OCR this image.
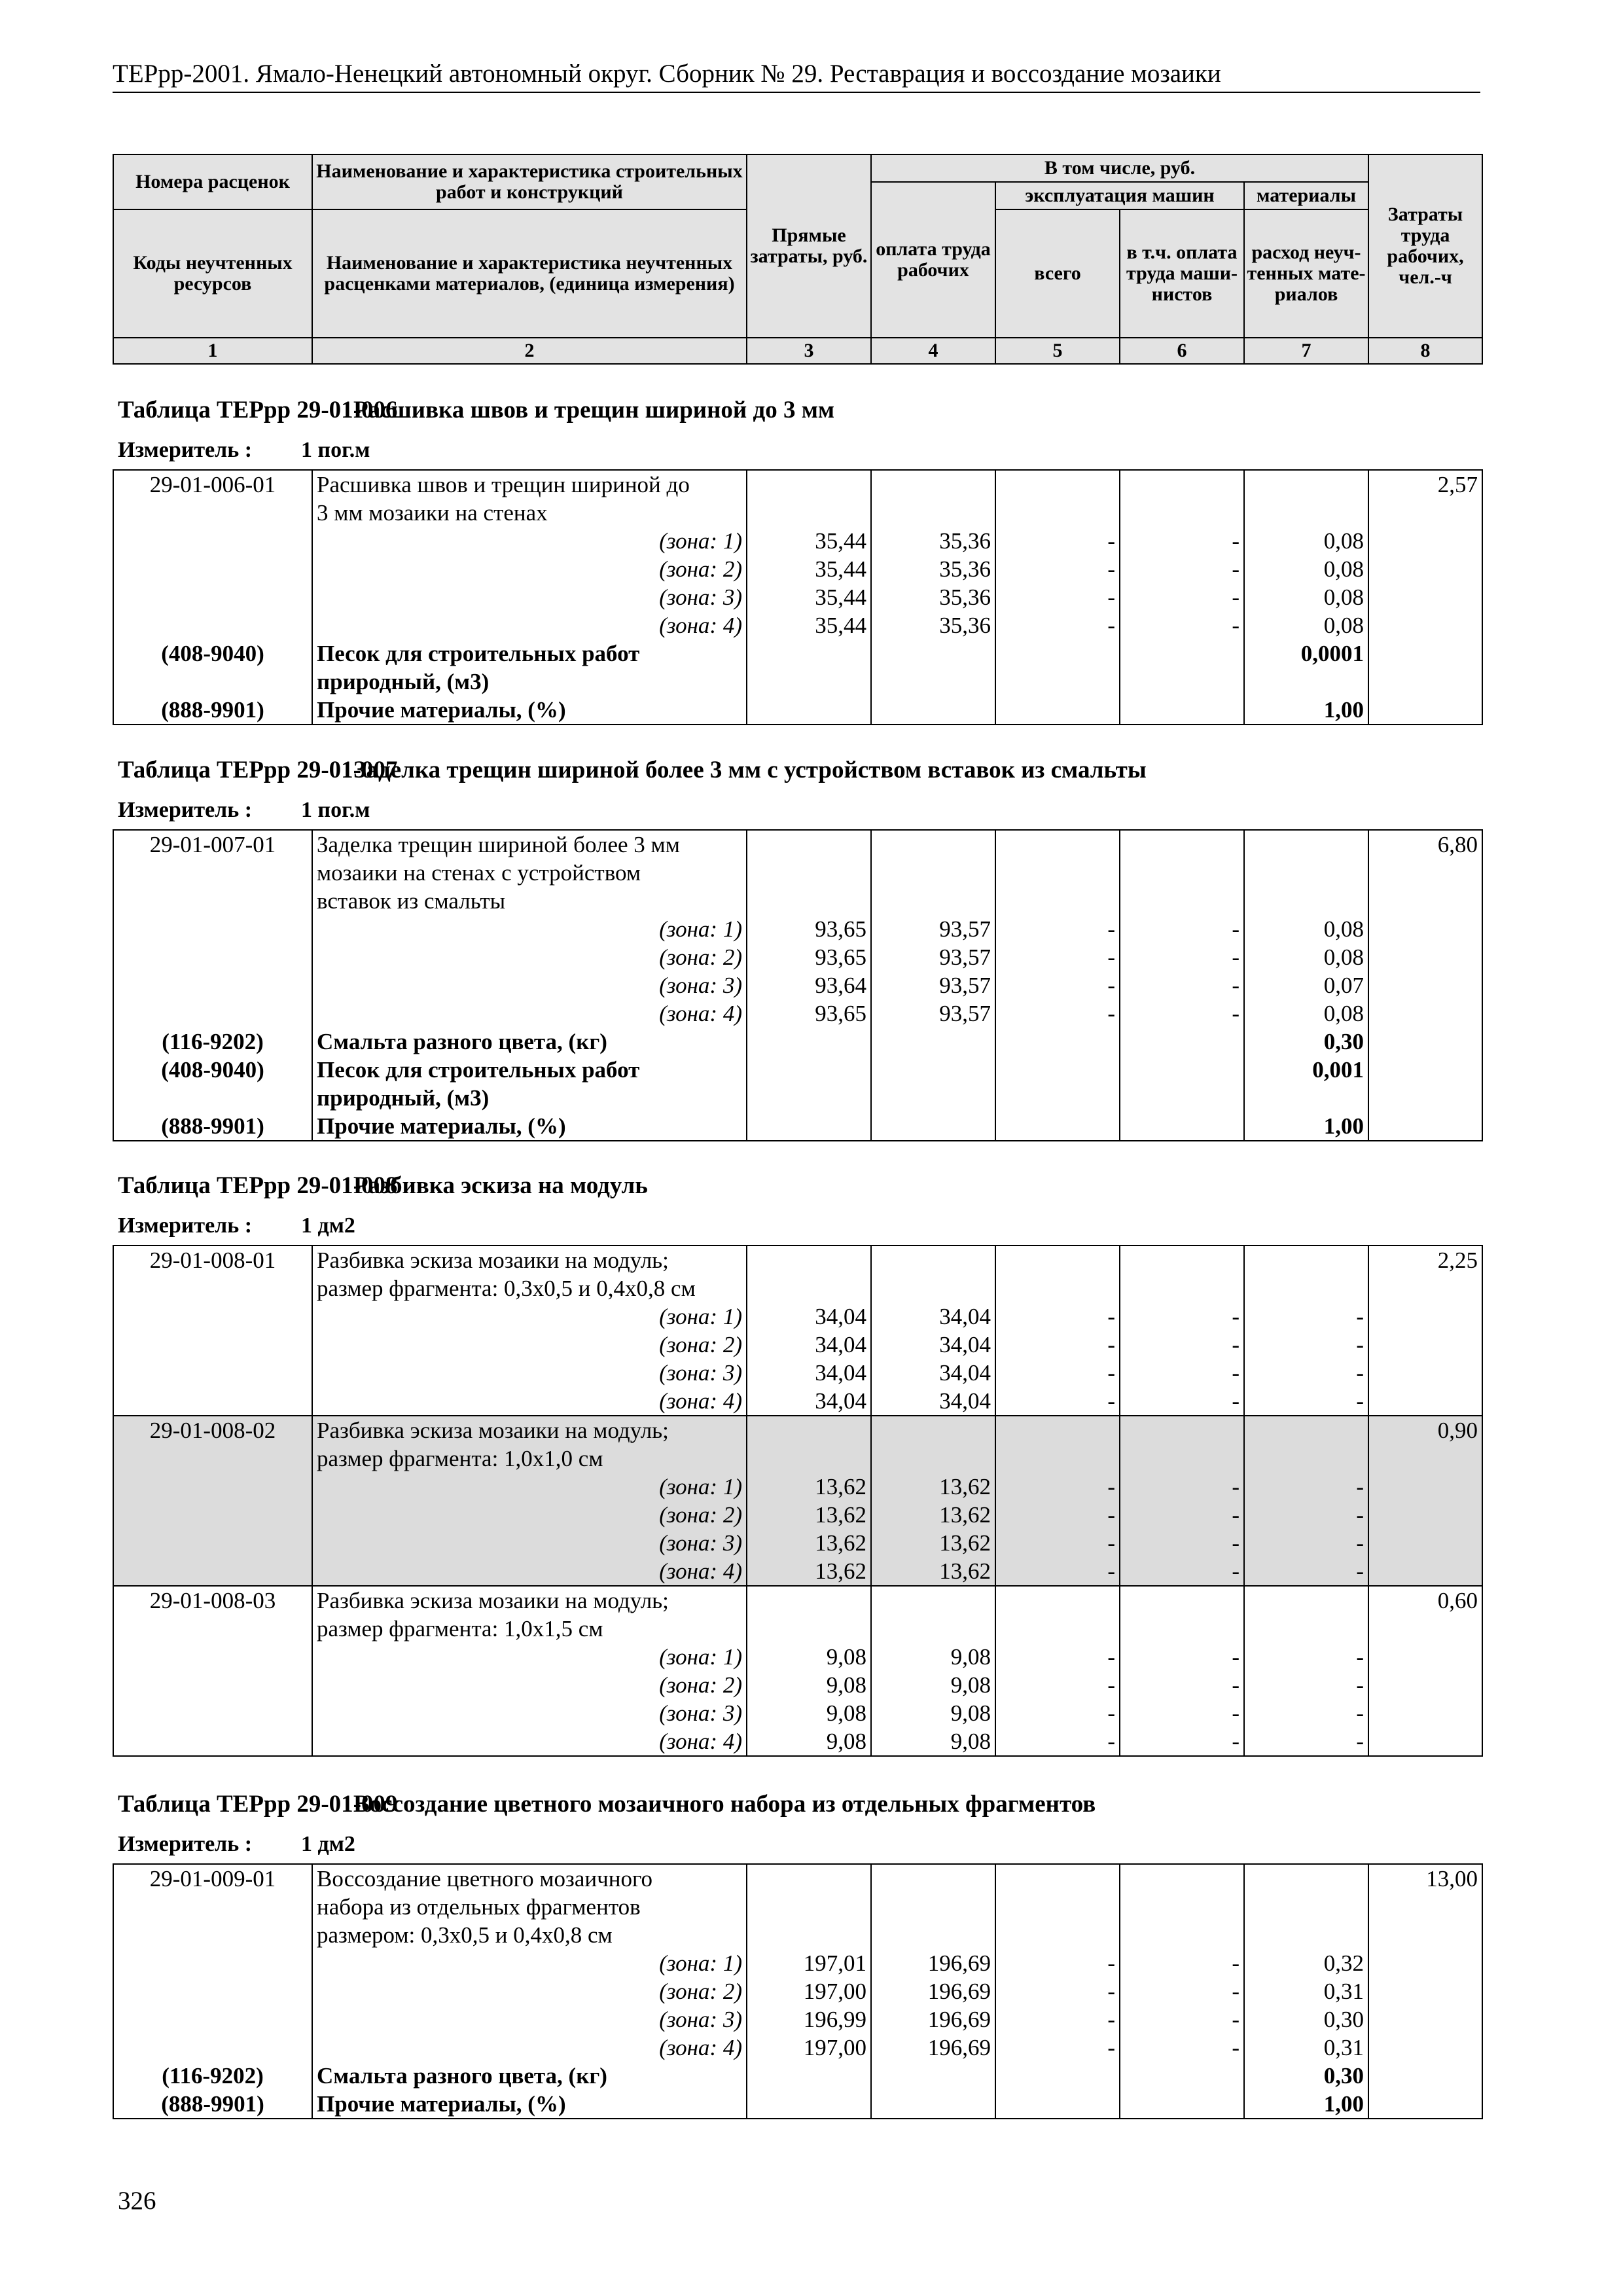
ТЕРрр-2001. Ямало-Ненецкий автономный округ. Сборник № 29. Реставрация и воссоздание мозаики
Номера расценок	Наименование и характеристика строительных работ и конструкций	Прямые затраты, руб.	В том числе, руб.				Затраты труда рабочих, чел.-ч
			оплата труда рабочих	эксплуатация машин		материалы	
Коды неучтенных ресурсов	Наименование и характеристика неучтенных расценками материалов, (единица измерения)			всего	в т.ч. оплата труда маши- нистов	расход неуч- тенных мате- риалов	
1	2	3	4	5	6	7	8
Таблица ТЕРрр 29-01-006Расшивка швов и трещин шириной до 3 мм
Измеритель : 1 пог.м
29-01-006-01	Расшивка швов и трещин шириной до						2,57
	3 мм мозаики на стенах						
	(зона: 1)	35,44	35,36	-	-	0,08	
	(зона: 2)	35,44	35,36	-	-	0,08	
	(зона: 3)	35,44	35,36	-	-	0,08	
	(зона: 4)	35,44	35,36	-	-	0,08	
(408-9040)	Песок для строительных работ					0,0001	
	природный, (м3)						
(888-9901)	Прочие материалы, (%)					1,00	
Таблица ТЕРрр 29-01-007Заделка трещин шириной более 3 мм с устройством вставок из смальты
Измеритель : 1 пог.м
29-01-007-01	Заделка трещин шириной более 3 мм						6,80
	мозаики на стенах с устройством						
	вставок из смальты						
	(зона: 1)	93,65	93,57	-	-	0,08	
	(зона: 2)	93,65	93,57	-	-	0,08	
	(зона: 3)	93,64	93,57	-	-	0,07	
	(зона: 4)	93,65	93,57	-	-	0,08	
(116-9202)	Смальта разного цвета, (кг)					0,30	
(408-9040)	Песок для строительных работ					0,001	
	природный, (м3)						
(888-9901)	Прочие материалы, (%)					1,00	
Таблица ТЕРрр 29-01-008Разбивка эскиза на модуль
Измеритель : 1 дм2
29-01-008-01	Разбивка эскиза мозаики на модуль;						2,25
	размер фрагмента: 0,3х0,5 и 0,4х0,8 см						
	(зона: 1)	34,04	34,04	-	-	-	
	(зона: 2)	34,04	34,04	-	-	-	
	(зона: 3)	34,04	34,04	-	-	-	
	(зона: 4)	34,04	34,04	-	-	-	
29-01-008-02	Разбивка эскиза мозаики на модуль;						0,90
	размер фрагмента: 1,0х1,0 см						
	(зона: 1)	13,62	13,62	-	-	-	
	(зона: 2)	13,62	13,62	-	-	-	
	(зона: 3)	13,62	13,62	-	-	-	
	(зона: 4)	13,62	13,62	-	-	-	
29-01-008-03	Разбивка эскиза мозаики на модуль;						0,60
	размер фрагмента: 1,0х1,5 см						
	(зона: 1)	9,08	9,08	-	-	-	
	(зона: 2)	9,08	9,08	-	-	-	
	(зона: 3)	9,08	9,08	-	-	-	
	(зона: 4)	9,08	9,08	-	-	-	
Таблица ТЕРрр 29-01-009Воссоздание цветного мозаичного набора из отдельных фрагментов
Измеритель : 1 дм2
29-01-009-01	Воссоздание цветного мозаичного						13,00
	набора из отдельных фрагментов						
	размером: 0,3х0,5 и 0,4х0,8 см						
	(зона: 1)	197,01	196,69	-	-	0,32	
	(зона: 2)	197,00	196,69	-	-	0,31	
	(зона: 3)	196,99	196,69	-	-	0,30	
	(зона: 4)	197,00	196,69	-	-	0,31	
(116-9202)	Смальта разного цвета, (кг)					0,30	
(888-9901)	Прочие материалы, (%)					1,00	
326
